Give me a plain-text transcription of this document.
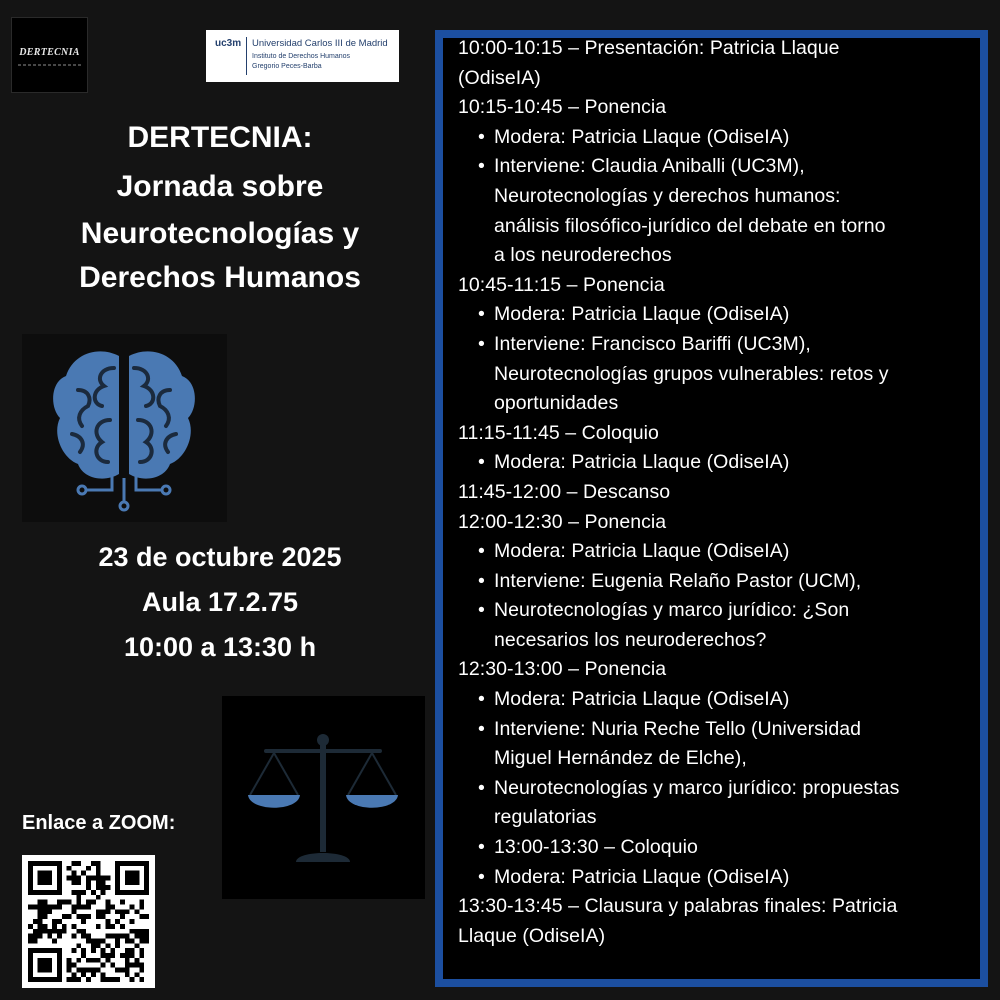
DERTECNIA
uc3m Universidad Carlos III de Madrid
Instituto de Derechos Humanos
Gregorio Peces-Barba
DERTECNIA:
Jornada sobre
Neurotecnologías y
Derechos Humanos
23 de octubre 2025
Aula 17.2.75
10:00 a 13:30 h
Enlace a ZOOM:
10:00-10:15 – Presentación: Patricia Llaque
(OdiseIA)
10:15-10:45 – Ponencia
• Modera: Patricia Llaque (OdiseIA)
• Interviene: Claudia Aniballi (UC3M),
Neurotecnologías y derechos humanos:
análisis filosófico-jurídico del debate en torno
a los neuroderechos
10:45-11:15 – Ponencia
• Modera: Patricia Llaque (OdiseIA)
• Interviene: Francisco Bariffi (UC3M),
Neurotecnologías grupos vulnerables: retos y
oportunidades
11:15-11:45 – Coloquio
• Modera: Patricia Llaque (OdiseIA)
11:45-12:00 – Descanso
12:00-12:30 – Ponencia
• Modera: Patricia Llaque (OdiseIA)
• Interviene: Eugenia Relaño Pastor (UCM),
• Neurotecnologías y marco jurídico: ¿Son
necesarios los neuroderechos?
12:30-13:00 – Ponencia
• Modera: Patricia Llaque (OdiseIA)
• Interviene: Nuria Reche Tello (Universidad
Miguel Hernández de Elche),
• Neurotecnologías y marco jurídico: propuestas
regulatorias
• 13:00-13:30 – Coloquio
• Modera: Patricia Llaque (OdiseIA)
13:30-13:45 – Clausura y palabras finales: Patricia
Llaque (OdiseIA)
